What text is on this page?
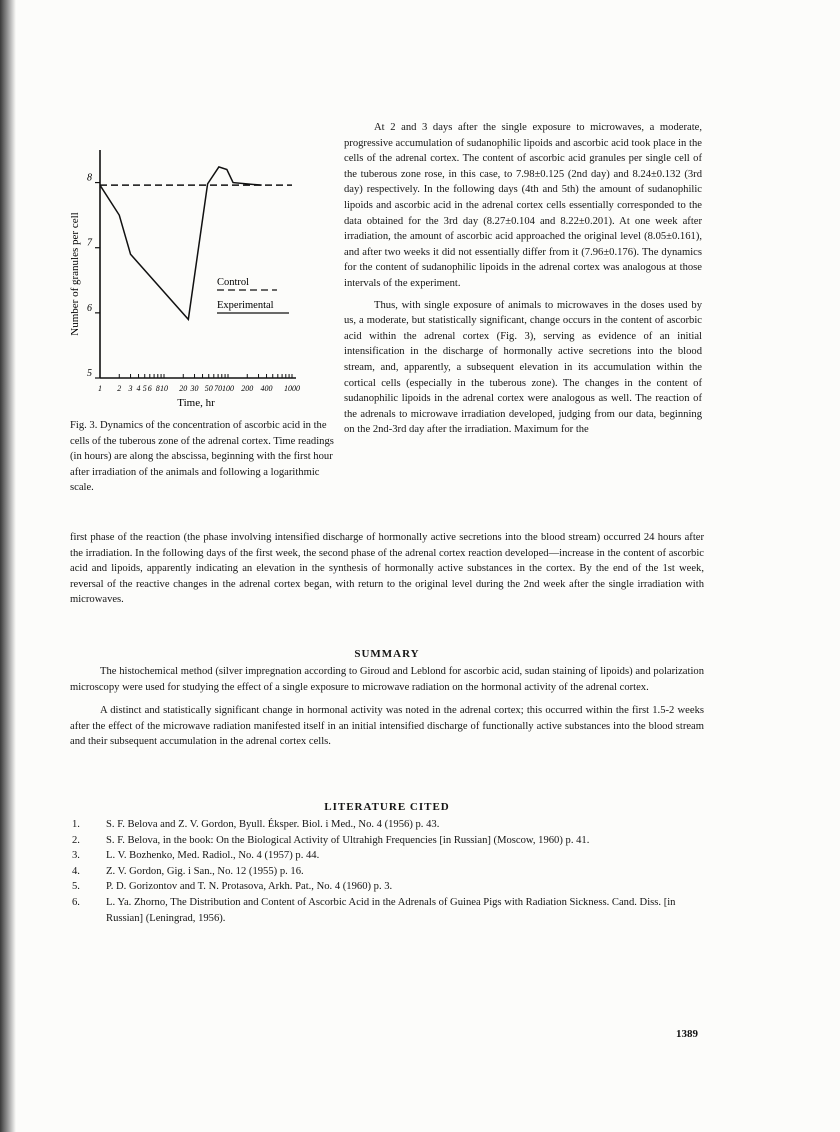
5
6
7
8
1 2 3 4 5 6 8 10 20 30 50 70 100 200 400 1000
Time, hr
Number of granules per cell	Control
Experimental
Fig. 3. Dynamics of the concentration of ascorbic acid in the cells of the tuberous zone of the adrenal cortex. Time readings (in hours) are along the abscissa, beginning with the first hour after irradiation of the animals and following a logarithmic scale.

At 2 and 3 days after the single exposure to microwaves, a moderate, progressive accumulation of sudanophilic lipoids and ascorbic acid took place in the cells of the adrenal cortex. The content of ascorbic acid granules per single cell of the tuberous zone rose, in this case, to 7.98±0.125 (2nd day) and 8.24±0.132 (3rd day) respectively. In the following days (4th and 5th) the amount of sudanophilic lipoids and ascorbic acid in the adrenal cortex cells essentially corresponded to the data obtained for the 3rd day (8.27±0.104 and 8.22±0.201). At one week after irradiation, the amount of ascorbic acid approached the original level (8.05±0.161), and after two weeks it did not essentially differ from it (7.96±0.176). The dynamics for the content of sudanophilic lipoids in the adrenal cortex was analogous at those intervals of the experiment.

Thus, with single exposure of animals to microwaves in the doses used by us, a moderate, but statistically significant, change occurs in the content of ascorbic acid within the adrenal cortex (Fig. 3), serving as evidence of an initial intensification in the discharge of hormonally active secretions into the blood stream, and, apparently, a subsequent elevation in its accumulation within the cortical cells (especially in the tuberous zone). The changes in the content of sudanophilic lipoids in the adrenal cortex were analogous as well. The reaction of the adrenals to microwave irradiation developed, judging from our data, beginning on the 2nd-3rd day after the irradiation. Maximum for the

first phase of the reaction (the phase involving intensified discharge of hormonally active secretions into the blood stream) occurred 24 hours after the irradiation. In the following days of the first week, the second phase of the adrenal cortex reaction developed—increase in the content of ascorbic acid and lipoids, apparently indicating an elevation in the synthesis of hormonally active substances in the cortex. By the end of the 1st week, reversal of the reactive changes in the adrenal cortex began, with return to the original level during the 2nd week after the single irradiation with microwaves.
SUMMARY

The histochemical method (silver impregnation according to Giroud and Leblond for ascorbic acid, sudan staining of lipoids) and polarization microscopy were used for studying the effect of a single exposure to microwave radiation on the hormonal activity of the adrenal cortex.

A distinct and statistically significant change in hormonal activity was noted in the adrenal cortex; this occurred within the first 1.5-2 weeks after the effect of the microwave radiation manifested itself in an initial intensified discharge of functionally active substances into the blood stream and their subsequent accumulation in the adrenal cortex cells.

LITERATURE CITED
1. S. F. Belova and Z. V. Gordon, Byull. Éksper. Biol. i Med., No. 4 (1956) p. 43.
2. S. F. Belova, in the book: On the Biological Activity of Ultrahigh Frequencies [in Russian] (Moscow, 1960) p. 41.
3. L. V. Bozhenko, Med. Radiol., No. 4 (1957) p. 44.
4. Z. V. Gordon, Gig. i San., No. 12 (1955) p. 16.
5. P. D. Gorizontov and T. N. Protasova, Arkh. Pat., No. 4 (1960) p. 3.
6. L. Ya. Zhorno, The Distribution and Content of Ascorbic Acid in the Adrenals of Guinea Pigs with Radiation Sickness. Cand. Diss. [in Russian] (Leningrad, 1956).
1389
